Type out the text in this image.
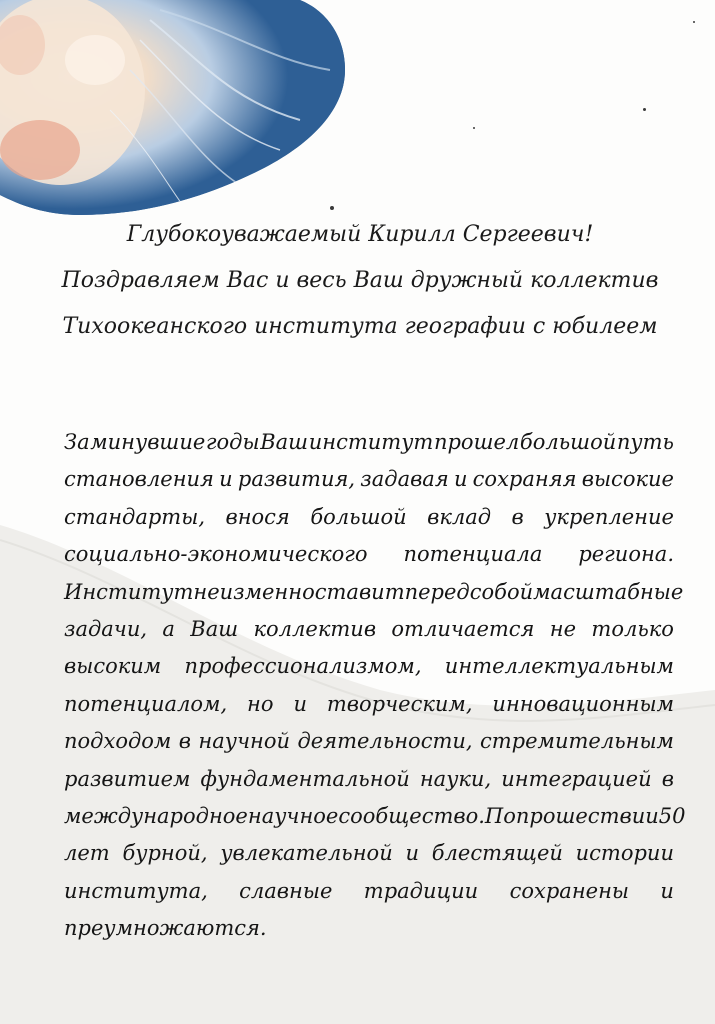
Глубокоуважаемый Кирилл Сергеевич!
Поздравляем Вас и весь Ваш дружный коллектив
Тихоокеанского института географии с юбилеем
За минувшие годы Ваш институт прошел большой путь
становления и развития, задавая и сохраняя высокие
стандарты, внося большой вклад в укрепление
социально-экономического потенциала региона.
Институт неизменно ставит перед собой масштабные
задачи, а Ваш коллектив отличается не только
высоким профессионализмом, интеллектуальным
потенциалом, но и творческим, инновационным
подходом в научной деятельности, стремительным
развитием фундаментальной науки, интеграцией в
международное научное сообщество. По прошествии 50
лет бурной, увлекательной и блестящей истории
института, славные традиции сохранены и
преумножаются.
